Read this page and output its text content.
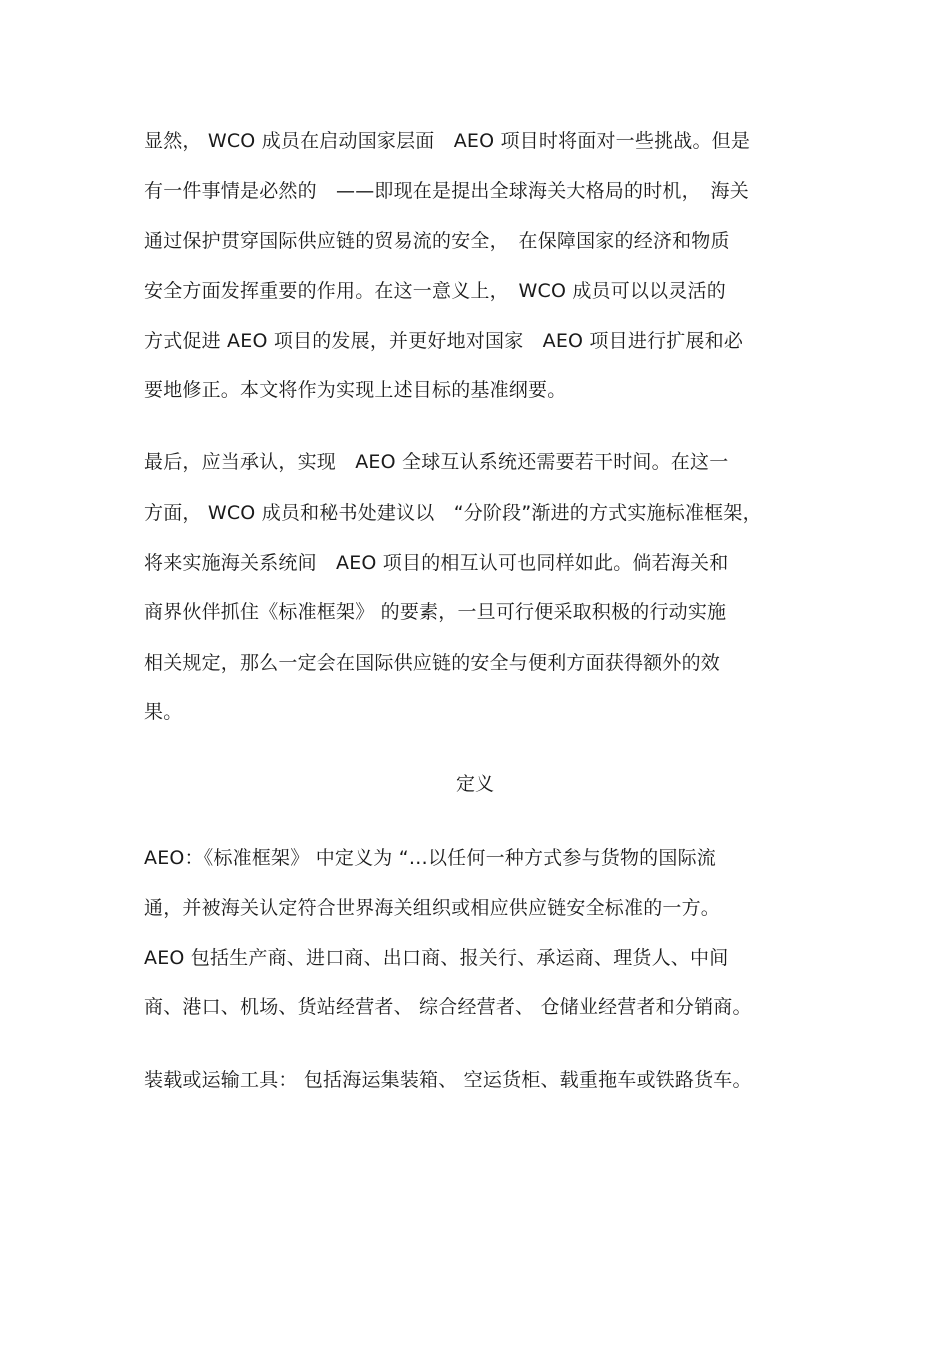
显然， WCO 成员在启动国家层面　AEO 项目时将面对一些挑战。但是
有一件事情是必然的　——即现在是提出全球海关大格局的时机，　海关
通过保护贯穿国际供应链的贸易流的安全，　在保障国家的经济和物质
安全方面发挥重要的作用。在这一意义上，　WCO 成员可以以灵活的
方式促进 AEO 项目的发展，并更好地对国家　AEO 项目进行扩展和必
要地修正。本文将作为实现上述目标的基准纲要。
最后，应当承认，实现　AEO 全球互认系统还需要若干时间。在这一
方面， WCO 成员和秘书处建议以　“分阶段”渐进的方式实施标准框架，
将来实施海关系统间　AEO 项目的相互认可也同样如此。倘若海关和
商界伙伴抓住《标准框架》 的要素，一旦可行便采取积极的行动实施
相关规定，那么一定会在国际供应链的安全与便利方面获得额外的效
果。
定义
AEO：《标准框架》 中定义为 “…以任何一种方式参与货物的国际流
通，并被海关认定符合世界海关组织或相应供应链安全标准的一方。
AEO 包括生产商、进口商、出口商、报关行、承运商、理货人、中间
商、港口、机场、货站经营者、 综合经营者、 仓储业经营者和分销商。
装载或运输工具： 包括海运集装箱、 空运货柜、载重拖车或铁路货车。
